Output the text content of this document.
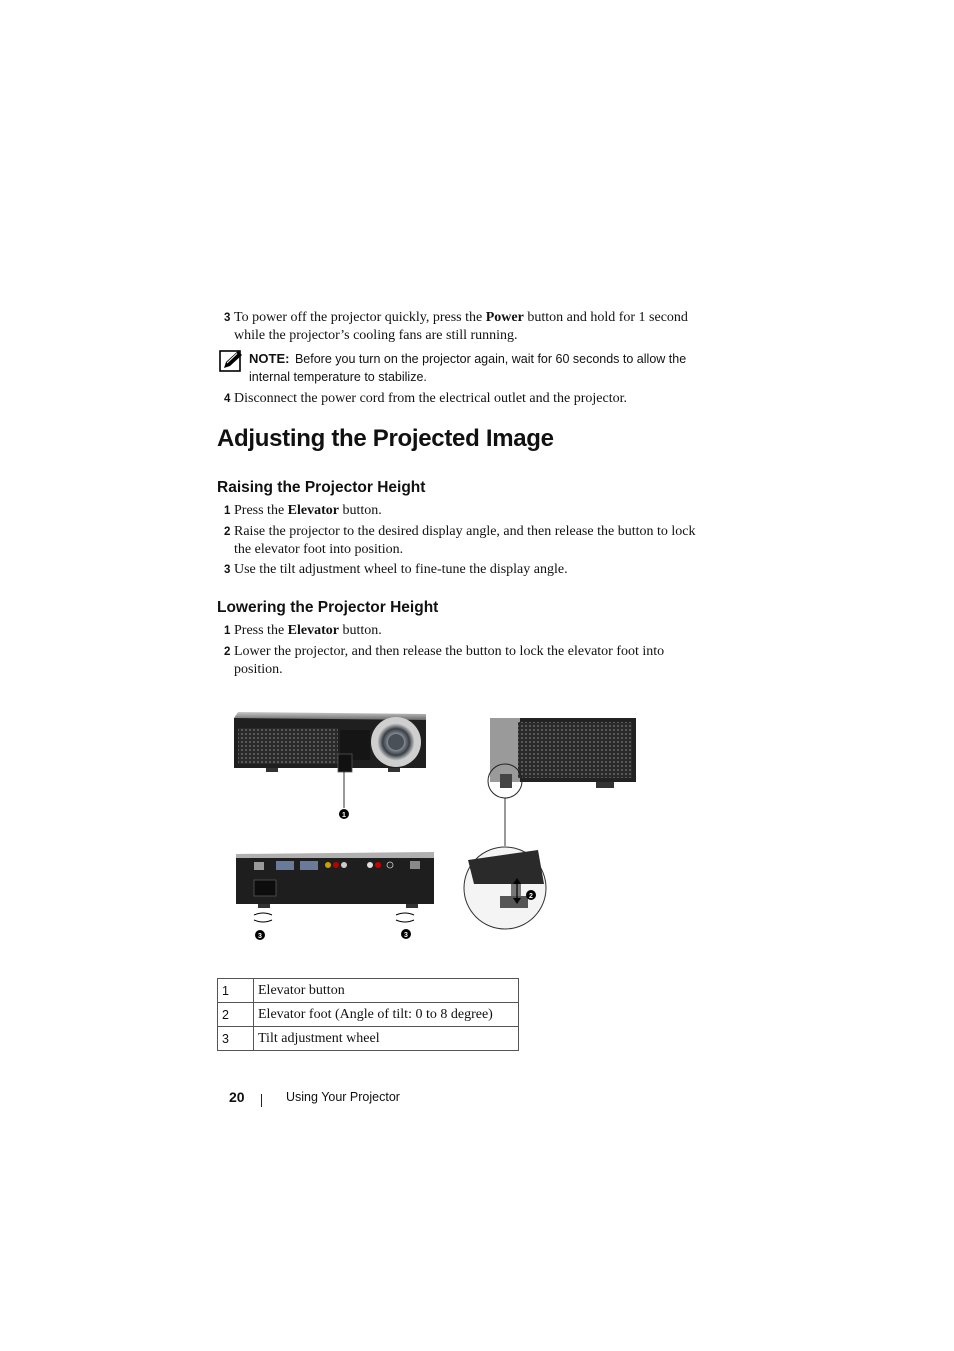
3 To power off the projector quickly, press the Power button and hold for 1 second while the projector’s cooling fans are still running.
NOTE: Before you turn on the projector again, wait for 60 seconds to allow the internal temperature to stabilize.
4 Disconnect the power cord from the electrical outlet and the projector.
Adjusting the Projected Image
Raising the Projector Height
1 Press the Elevator button.
2 Raise the projector to the desired display angle, and then release the button to lock the elevator foot into position.
3 Use the tilt adjustment wheel to fine-tune the display angle.
Lowering the Projector Height
1 Press the Elevator button.
2 Lower the projector, and then release the button to lock the elevator foot into position.
1
2
3	3
1	Elevator button
2	Elevator foot (Angle of tilt: 0 to 8 degree)
3	Tilt adjustment wheel
20	Using Your Projector
